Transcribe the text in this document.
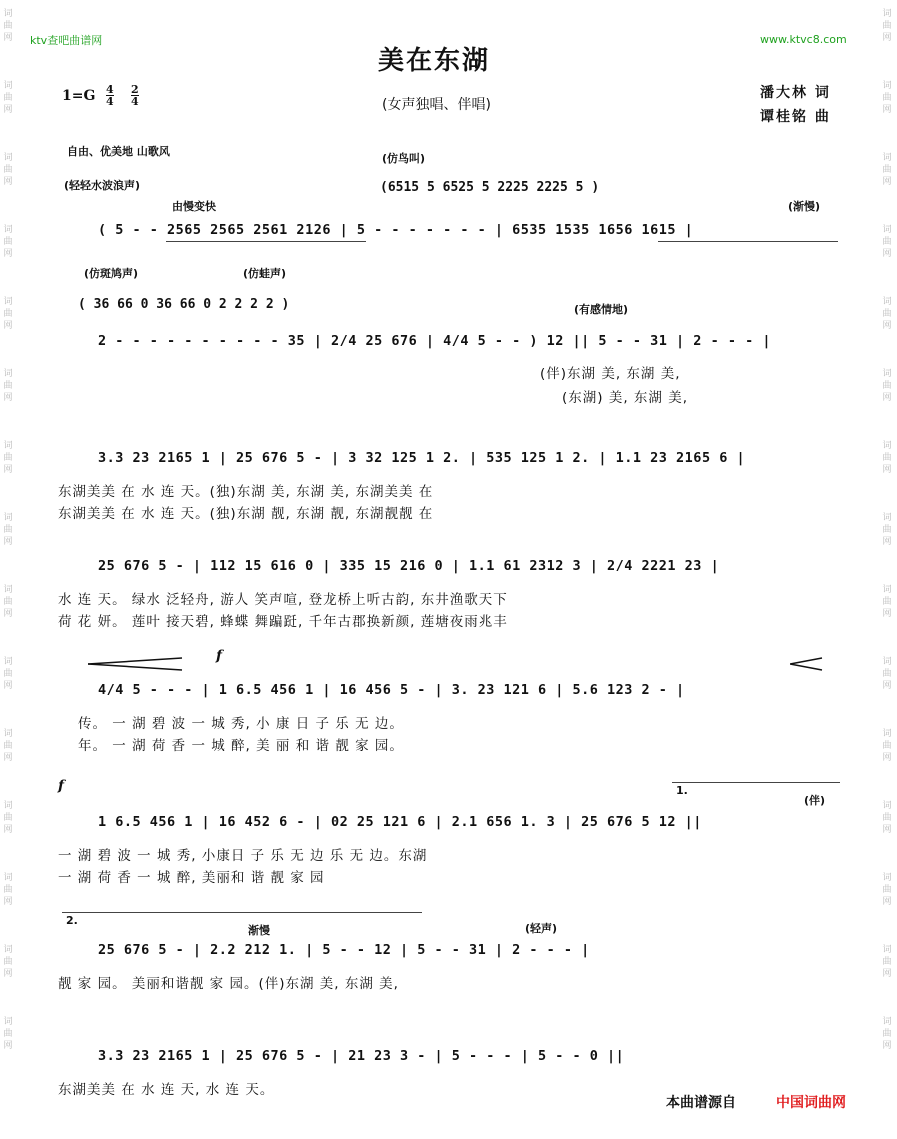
词曲网
词曲网
词曲网
词曲网
词曲网
词曲网
词曲网
词曲网
词曲网
词曲网
词曲网
词曲网
词曲网
词曲网
词曲网
词曲网
词曲网
词曲网
词曲网
词曲网
词曲网
词曲网
词曲网
词曲网
词曲网
词曲网
词曲网
词曲网
词曲网
词曲网
ktv查吧曲谱网	www.ktvc8.com
美在东湖
(女声独唱、伴唱)
1=G 4
4
2
4
潘大林 词
谭桂铭 曲
自由、优美地 山歌风
(轻轻水波浪声)
(仿鸟叫)
(6515 5 6525 5 2225 2225 5 )
由慢变快	(渐慢)
( 5 - - 2565 2565 2561 2126 | 5 - - - - - - - | 6535 1535 1656 1615 |
(仿斑鸠声)	(仿蛙声)
( 36 66 0 36 66 0 2 2 2 2 )	(有感情地)
2 - - - - - - - - - - 35 | 2/4 25 676 | 4/4 5 - - ) 12 || 5 - - 31 | 2 - - - |
(伴)东湖 美, 东湖 美,
(东湖) 美, 东湖 美,
3.3 23 2165 1 | 25 676 5 - | 3 32 125 1 2. | 535 125 1 2. | 1.1 23 2165 6 |
东湖美美 在 水 连 天。(独)东湖 美, 东湖 美, 东湖美美 在
东湖美美 在 水 连 天。(独)东湖 靓, 东湖 靓, 东湖靓靓 在
25 676 5 - | 112 15 616 0 | 335 15 216 0 | 1.1 61 2312 3 | 2/4 2221 23 |
水 连 天。 绿水 泛轻舟, 游人 笑声喧, 登龙桥上听古韵, 东井渔歌天下
荷 花 妍。 莲叶 接天碧, 蜂蝶 舞蹁跹, 千年古郡换新颜, 莲塘夜雨兆丰
f
4/4 5 - - - | 1 6.5 456 1 | 16 456 5 - | 3. 23 121 6 | 5.6 123 2 - |
传。 一 湖 碧 波 一 城 秀, 小 康 日 子 乐 无 边。
年。 一 湖 荷 香 一 城 醉, 美 丽 和 谐 靓 家 园。
f	1.
(伴)
1 6.5 456 1 | 16 452 6 - | 02 25 121 6 | 2.1 656 1. 3 | 25 676 5 12 ||
一 湖 碧 波 一 城 秀, 小康日 子 乐 无 边 乐 无 边。东湖
一 湖 荷 香 一 城 醉, 美丽和 谐 靓 家 园
2.
渐慢	(轻声)
25 676 5 - | 2.2 212 1. | 5 - - 12 | 5 - - 31 | 2 - - - |
靓 家 园。 美丽和谐靓 家 园。(伴)东湖 美, 东湖 美,
3.3 23 2165 1 | 25 676 5 - | 21 23 3 - | 5 - - - | 5 - - 0 ||
东湖美美 在 水 连 天, 水 连 天。
本曲谱源自	中国词曲网
